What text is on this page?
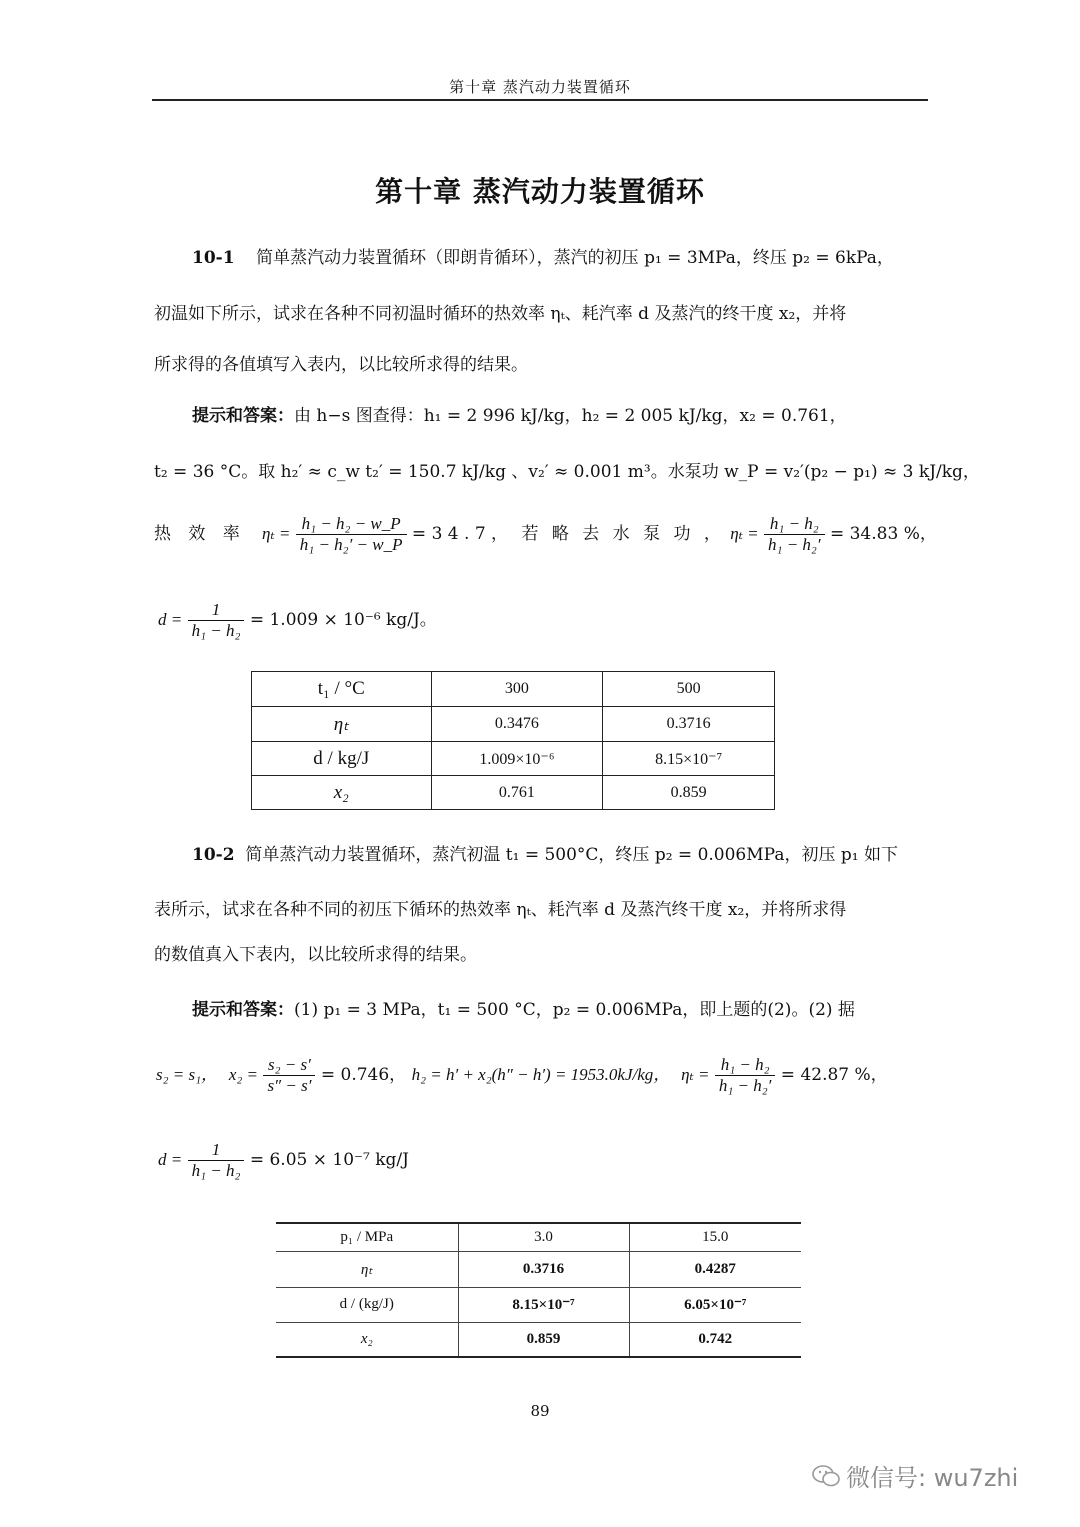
第十章 蒸汽动力装置循环
第十章 蒸汽动力装置循环
10-1 简单蒸汽动力装置循环（即朗肯循环），蒸汽的初压 p₁ = 3MPa，终压 p₂ = 6kPa，
初温如下所示，试求在各种不同初温时循环的热效率 ηₜ、耗汽率 d 及蒸汽的终干度 x₂，并将
所求得的各值填写入表内，以比较所求得的结果。
提示和答案：由 h−s 图查得：h₁ = 2 996 kJ/kg，h₂ = 2 005 kJ/kg，x₂ = 0.761，
t₂ = 36 °C。取 h₂′ ≈ c_w t₂′ = 150.7 kJ/kg 、v₂′ ≈ 0.001 m³。水泵功 w_P = v₂′(p₂ − p₁) ≈ 3 kJ/kg，
热 效 率 $\eta_t = \frac{\text{h₁ − h₂ − w\_P}}{\text{h₁ − h₂′ − w\_P}} = 3$ 4 . 7 ， 若 略 去 水 泵 功 ， $\eta_t = \frac{\text{h₁ − h₂}}{\text{h₁ − h₂′}} = 34.83$ %，
$d = \frac{1}{\text{h₁ − h₂}} = 1.009 \times 10^{-6}$ kg/J。
t₁ / °C	300	500
ηₜ	0.3476	0.3716
d / kg/J	1.009×10⁻⁶	8.15×10⁻⁷
x₂	0.761	0.859
10-2 简单蒸汽动力装置循环，蒸汽初温 t₁ = 500°C，终压 p₂ = 0.006MPa，初压 p₁ 如下
表所示，试求在各种不同的初压下循环的热效率 ηₜ、耗汽率 d 及蒸汽终干度 x₂，并将所求得
的数值真入下表内，以比较所求得的结果。
提示和答案：(1) p₁ = 3 MPa，t₁ = 500 °C，p₂ = 0.006MPa，即上题的(2)。(2) 据
s₂ = s₁， $x_2 = \frac{\text{s₂ − s′}}{s'' - s'} = 0.746$， h₂ = h′ + x₂(h″ − h′) = 1953.0kJ/kg， $\eta_t = \frac{\text{h₁ − h₂}}{\text{h₁ − h₂′}} = 42.87$ %，
$d = \frac{1}{\text{h₁ − h₂}} = 6.05 \times 10^{-7}$ kg/J
p₁ / MPa	3.0	15.0
ηₜ	0.3716	0.4287
d / (kg/J)	8.15×10⁻⁷	6.05×10⁻⁷
x₂	0.859	0.742
89
微信号: wu7zhi
